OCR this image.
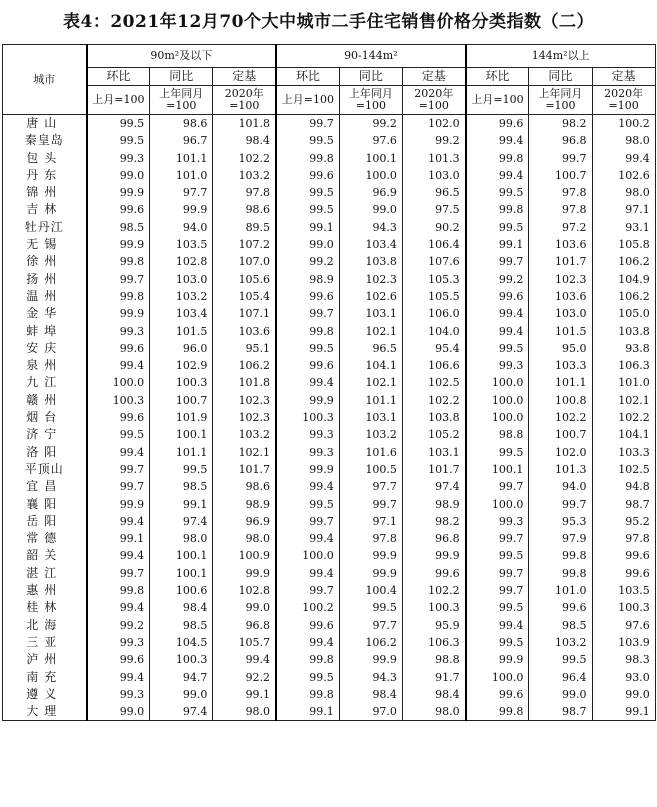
表4：2021年12月70个大中城市二手住宅销售价格分类指数（二）
城市	90m²及以下			90-144m²			144m²以上		
	环比	同比	定基	环比	同比	定基	环比	同比	定基
	上月=100	上年同月=100	2020年=100	上月=100	上年同月=100	2020年=100	上月=100	上年同月=100	2020年=100
唐山	99.5	98.6	101.8	99.7	99.2	102.0	99.6	98.2	100.2
秦皇岛	99.5	96.7	98.4	99.5	97.6	99.2	99.4	96.8	98.0
包头	99.3	101.1	102.2	99.8	100.1	101.3	99.8	99.7	99.4
丹东	99.0	101.0	103.2	99.6	100.0	103.0	99.4	100.7	102.6
锦州	99.9	97.7	97.8	99.5	96.9	96.5	99.5	97.8	98.0
吉林	99.6	99.9	98.6	99.5	99.0	97.5	99.8	97.8	97.1
牡丹江	98.5	94.0	89.5	99.1	94.3	90.2	99.5	97.2	93.1
无锡	99.9	103.5	107.2	99.0	103.4	106.4	99.1	103.6	105.8
徐州	99.8	102.8	107.0	99.2	103.8	107.6	99.7	101.7	106.2
扬州	99.7	103.0	105.6	98.9	102.3	105.3	99.2	102.3	104.9
温州	99.8	103.2	105.4	99.6	102.6	105.5	99.6	103.6	106.2
金华	99.9	103.4	107.1	99.7	103.1	106.0	99.4	103.0	105.0
蚌埠	99.3	101.5	103.6	99.8	102.1	104.0	99.4	101.5	103.8
安庆	99.6	96.0	95.1	99.5	96.5	95.4	99.5	95.0	93.8
泉州	99.4	102.9	106.2	99.6	104.1	106.6	99.3	103.3	106.3
九江	100.0	100.3	101.8	99.4	102.1	102.5	100.0	101.1	101.0
赣州	100.3	100.7	102.3	99.9	101.1	102.2	100.0	100.8	102.1
烟台	99.6	101.9	102.3	100.3	103.1	103.8	100.0	102.2	102.2
济宁	99.5	100.1	103.2	99.3	103.2	105.2	98.8	100.7	104.1
洛阳	99.4	101.1	102.1	99.3	101.6	103.1	99.5	102.0	103.3
平顶山	99.7	99.5	101.7	99.9	100.5	101.7	100.1	101.3	102.5
宜昌	99.7	98.5	98.6	99.4	97.7	97.4	99.7	94.0	94.8
襄阳	99.9	99.1	98.9	99.5	99.7	98.9	100.0	99.7	98.7
岳阳	99.4	97.4	96.9	99.7	97.1	98.2	99.3	95.3	95.2
常德	99.1	98.0	98.0	99.4	97.8	96.8	99.7	97.9	97.8
韶关	99.4	100.1	100.9	100.0	99.9	99.9	99.5	99.8	99.6
湛江	99.7	100.1	99.9	99.4	99.9	99.6	99.7	99.8	99.6
惠州	99.8	100.6	102.8	99.7	100.4	102.2	99.7	101.0	103.5
桂林	99.4	98.4	99.0	100.2	99.5	100.3	99.5	99.6	100.3
北海	99.2	98.5	96.8	99.6	97.7	95.9	99.4	98.5	97.6
三亚	99.3	104.5	105.7	99.4	106.2	106.3	99.5	103.2	103.9
泸州	99.6	100.3	99.4	99.8	99.9	98.8	99.9	99.5	98.3
南充	99.4	94.7	92.2	99.5	94.3	91.7	100.0	96.4	93.0
遵义	99.3	99.0	99.1	99.8	98.4	98.4	99.6	99.0	99.0
大理	99.0	97.4	98.0	99.1	97.0	98.0	99.8	98.7	99.1
